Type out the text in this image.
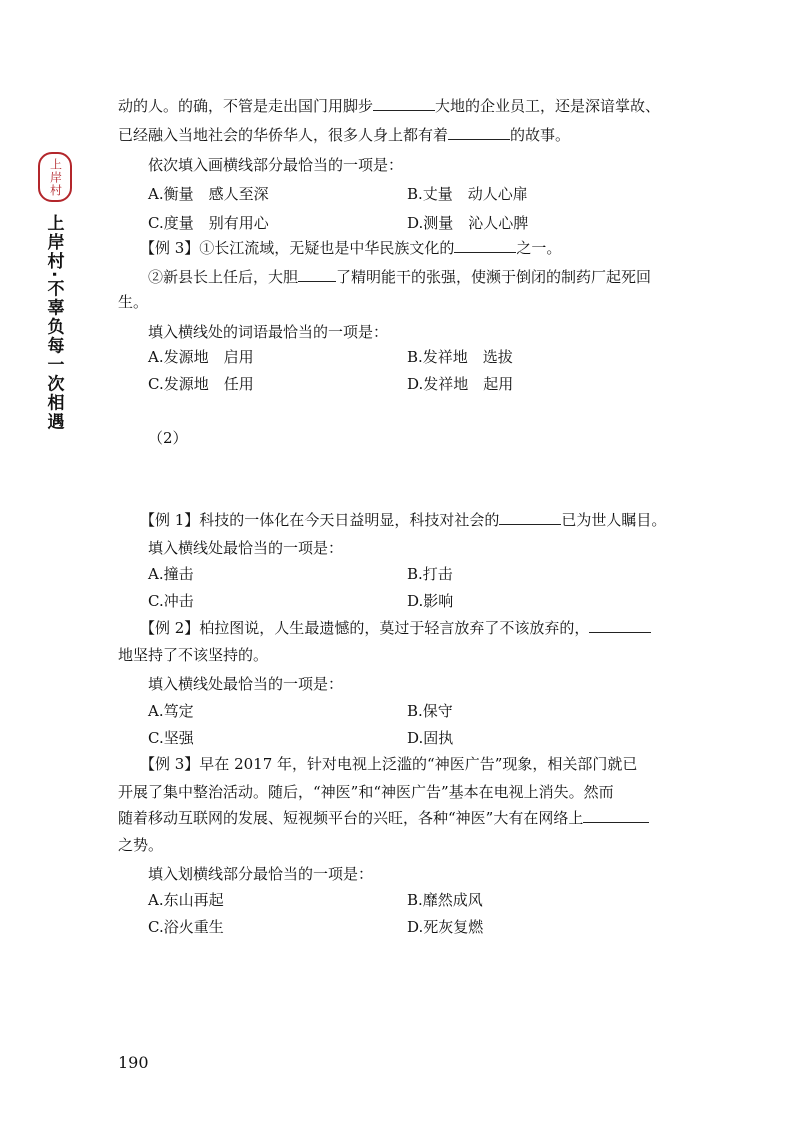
上岸村
上岸村·不辜负每一次相遇
动的人。的确，不管是走出国门用脚步	大地的企业员工，还是深谙掌故、
已经融入当地社会的华侨华人，很多人身上都有着	的故事。
依次填入画横线部分最恰当的一项是：
A.衡量　感人至深	B.丈量　动人心扉
C.度量　别有用心	D.测量　沁人心脾
【例 3】①长江流域，无疑也是中华民族文化的	之一。
②新县长上任后，大胆	了精明能干的张强，使濒于倒闭的制药厂起死回
生。
填入横线处的词语最恰当的一项是：
A.发源地　启用	B.发祥地　选拔
C.发源地　任用	D.发祥地　起用
（2）
【例 1】科技的一体化在今天日益明显，科技对社会的	已为世人瞩目。
填入横线处最恰当的一项是：
A.撞击	B.打击
C.冲击	D.影响
【例 2】柏拉图说，人生最遗憾的，莫过于轻言放弃了不该放弃的，
地坚持了不该坚持的。
填入横线处最恰当的一项是：
A.笃定	B.保守
C.坚强	D.固执
【例 3】早在 2017 年，针对电视上泛滥的“神医广告”现象，相关部门就已
开展了集中整治活动。随后，“神医”和“神医广告”基本在电视上消失。然而
随着移动互联网的发展、短视频平台的兴旺，各种“神医”大有在网络上
之势。
填入划横线部分最恰当的一项是：
A.东山再起	B.靡然成风
C.浴火重生	D.死灰复燃
190
